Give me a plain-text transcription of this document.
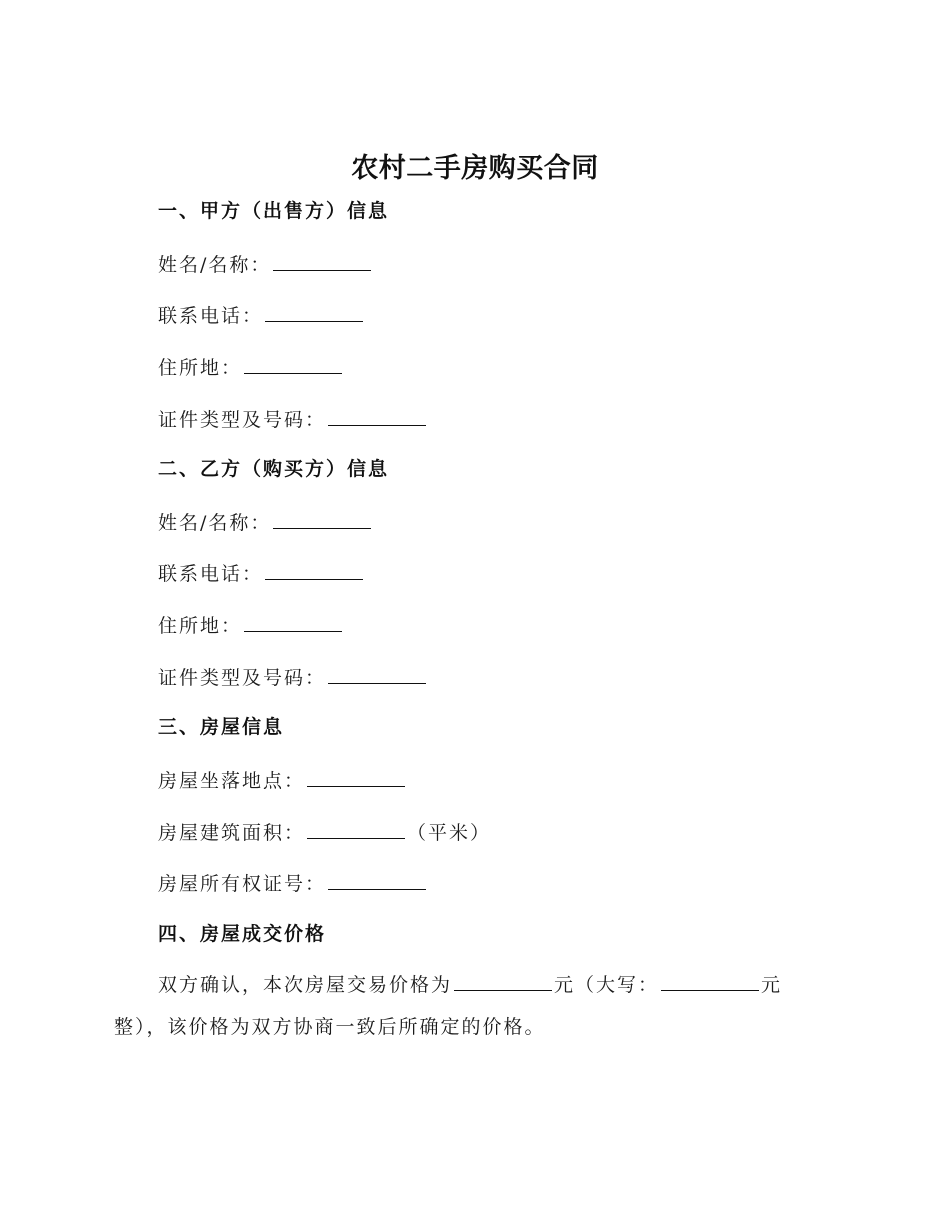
农村二手房购买合同
一、甲方（出售方）信息
姓名/名称：
联系电话：
住所地：
证件类型及号码：
二、乙方（购买方）信息
姓名/名称：
联系电话：
住所地：
证件类型及号码：
三、房屋信息
房屋坐落地点：
房屋建筑面积：	（平米）
房屋所有权证号：
四、房屋成交价格
双方确认，本次房屋交易价格为	元（大写：	元
整），该价格为双方协商一致后所确定的价格。
